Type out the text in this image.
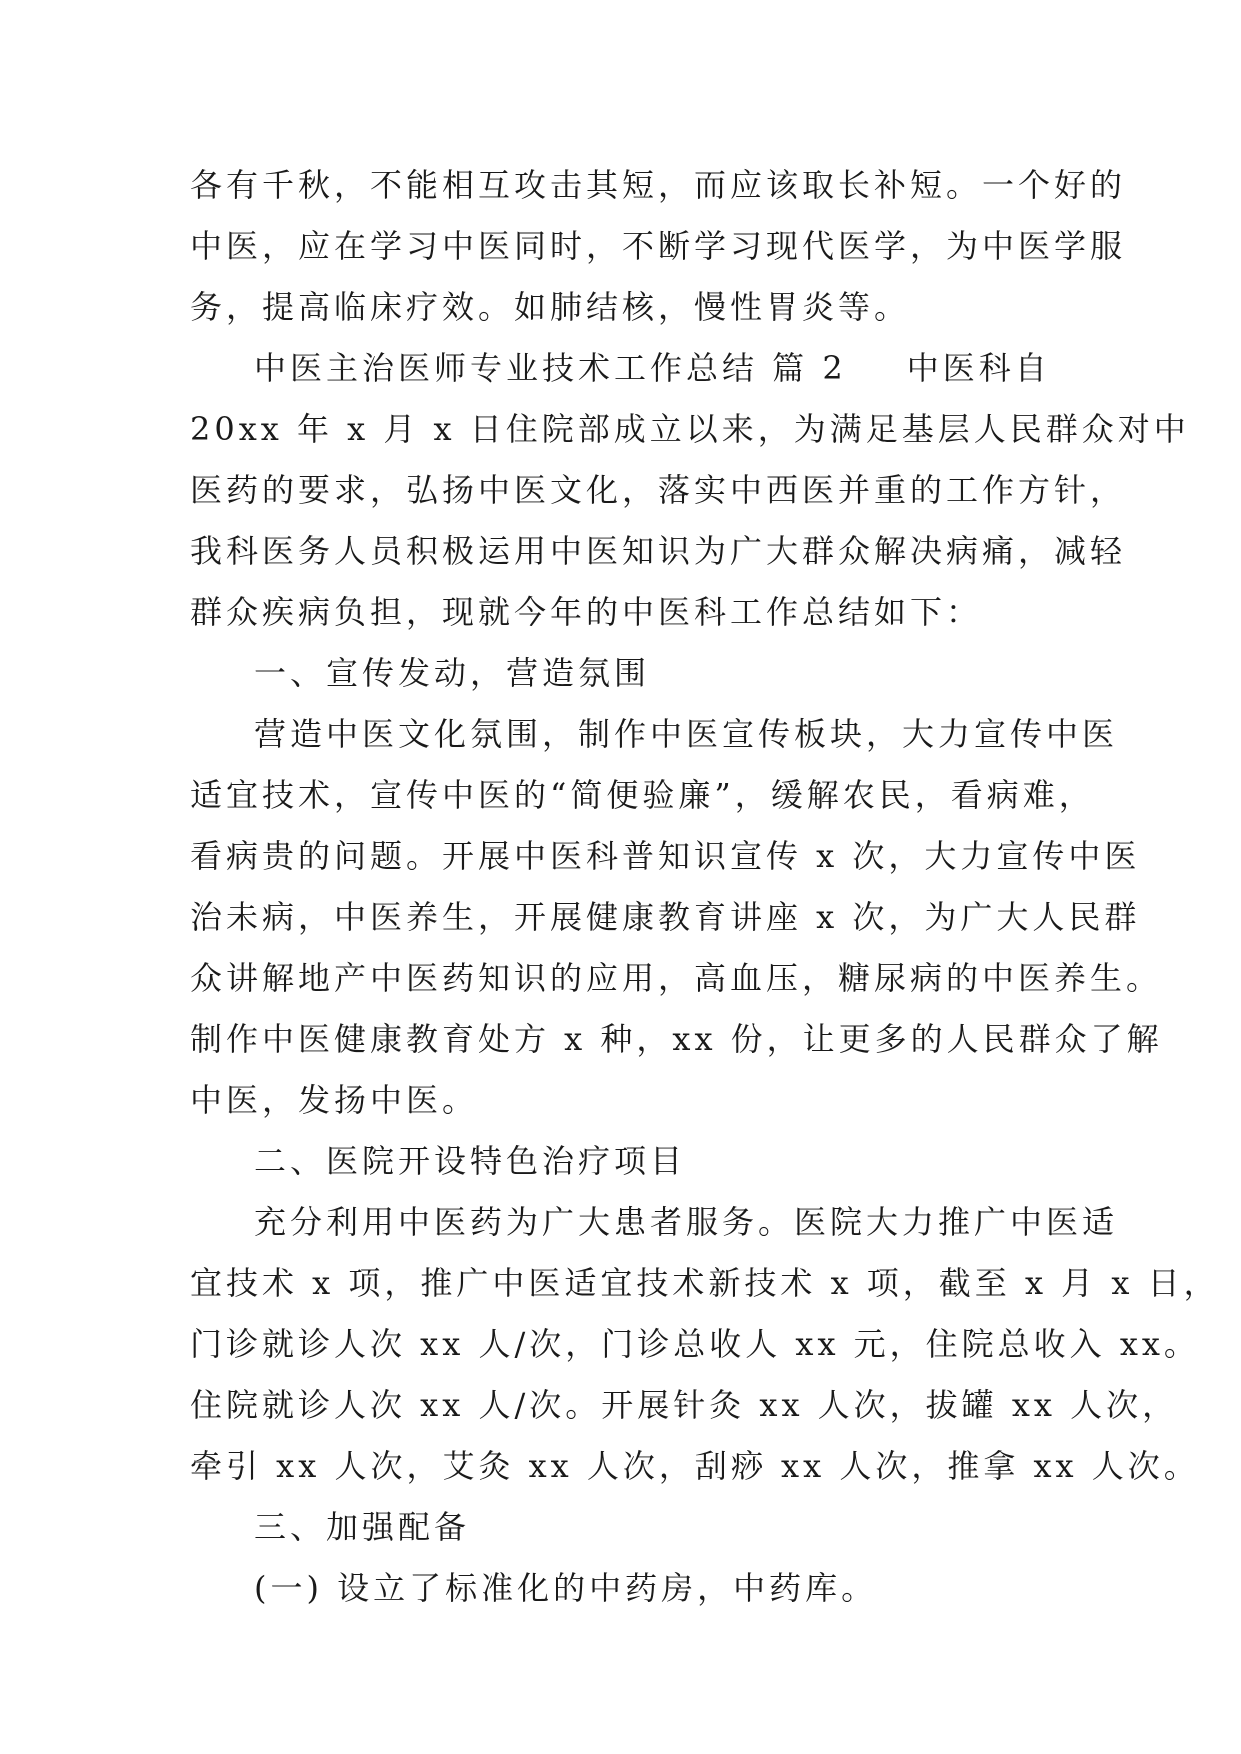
各有千秋，不能相互攻击其短，而应该取长补短。一个好的
中医，应在学习中医同时，不断学习现代医学，为中医学服
务，提高临床疗效。如肺结核，慢性胃炎等。
中医主治医师专业技术工作总结 篇 2 中医科自
20xx 年 x 月 x 日住院部成立以来，为满足基层人民群众对中
医药的要求，弘扬中医文化，落实中西医并重的工作方针，
我科医务人员积极运用中医知识为广大群众解决病痛，减轻
群众疾病负担，现就今年的中医科工作总结如下：
一、宣传发动，营造氛围
营造中医文化氛围，制作中医宣传板块，大力宣传中医
适宜技术，宣传中医的“简便验廉”，缓解农民，看病难，
看病贵的问题。开展中医科普知识宣传 x 次，大力宣传中医
治未病，中医养生，开展健康教育讲座 x 次，为广大人民群
众讲解地产中医药知识的应用，高血压，糖尿病的中医养生。
制作中医健康教育处方 x 种，xx 份，让更多的人民群众了解
中医，发扬中医。
二、医院开设特色治疗项目
充分利用中医药为广大患者服务。医院大力推广中医适
宜技术 x 项，推广中医适宜技术新技术 x 项，截至 x 月 x 日，
门诊就诊人次 xx 人/次，门诊总收人 xx 元，住院总收入 xx。
住院就诊人次 xx 人/次。开展针灸 xx 人次，拔罐 xx 人次，
牵引 xx 人次，艾灸 xx 人次，刮痧 xx 人次，推拿 xx 人次。
三、加强配备
(一) 设立了标准化的中药房，中药库。
